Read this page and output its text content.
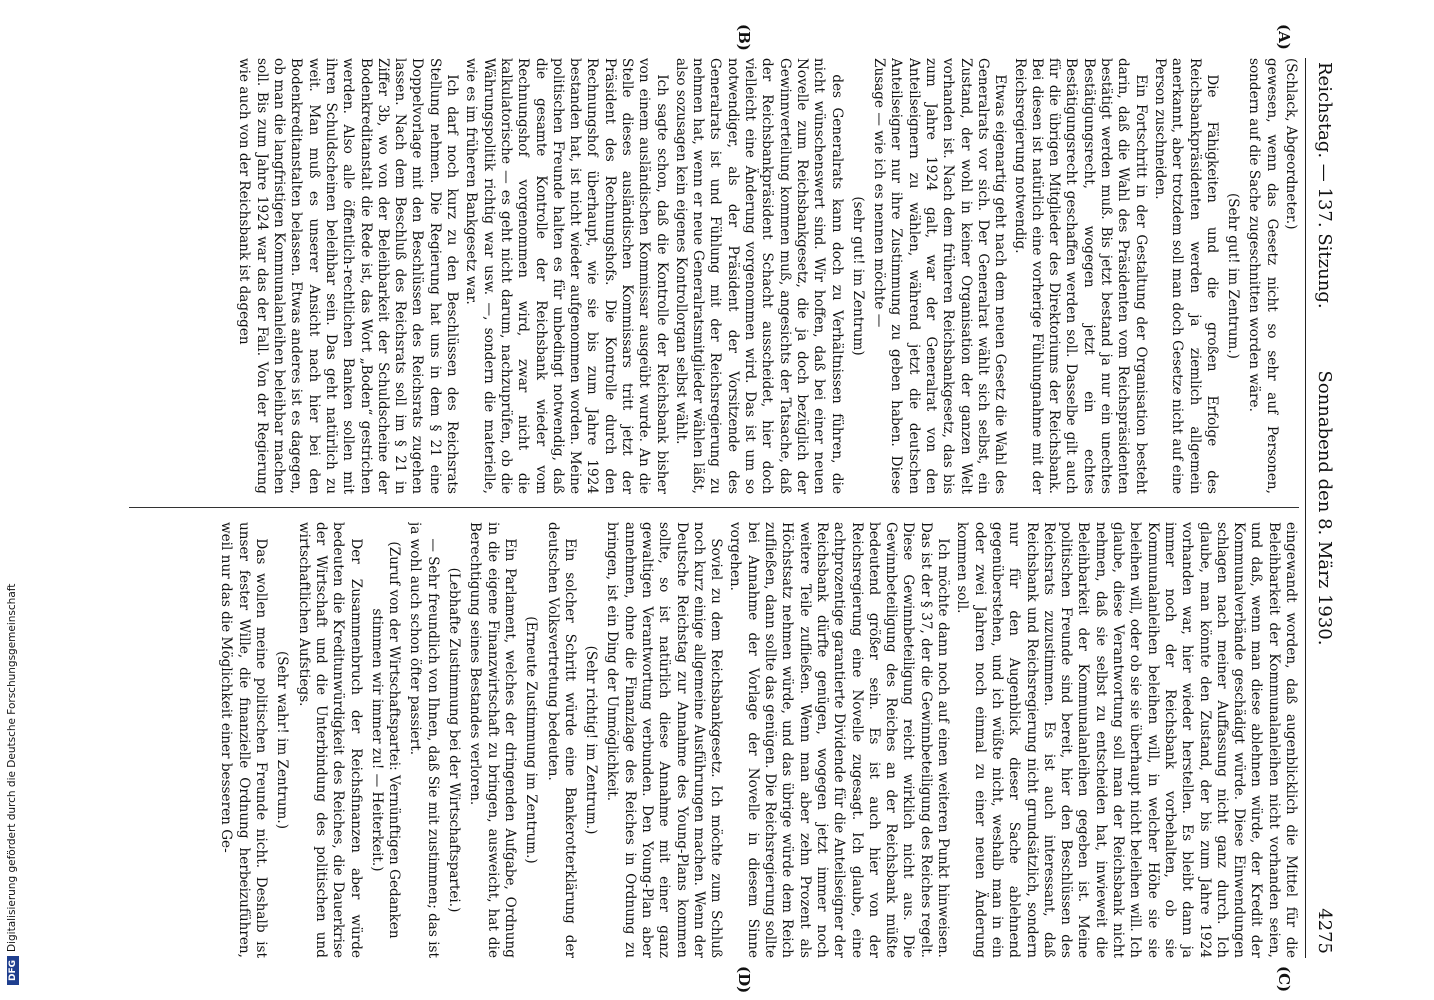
Reichstag. — 137. Sitzung.
Sonnabend den 8. März 1930.
4275
(A)
(B)
(C)
(D)

(Schlack, Abgeordneter.)

gewesen, wenn das Gesetz nicht so sehr auf Personen, sondern auf die Sache zugeschnitten worden wäre.

(Sehr gut! im Zentrum.)

Die Fähigkeiten und die großen Erfolge des Reichsbankpräsidenten werden ja ziemlich allgemein anerkannt, aber trotzdem soll man doch Gesetze nicht auf eine Person zuschneiden.

Ein Fortschritt in der Gestaltung der Organisation besteht darin, daß die Wahl des Präsidenten vom Reichspräsidenten bestätigt werden muß. Bis jetzt bestand ja nur ein unechtes Bestätigungsrecht, wogegen jetzt ein echtes Bestätigungsrecht geschaffen werden soll. Dasselbe gilt auch für die übrigen Mitglieder des Direktoriums der Reichsbank. Bei diesen ist natürlich eine vorherige Fühlungnahme mit der Reichsregierung notwendig.

Etwas eigenartig geht nach dem neuen Gesetz die Wahl des Generalrats vor sich. Der Generalrat wählt sich selbst, ein Zustand, der wohl in keiner Organisation der ganzen Welt vorhanden ist. Nach dem früheren Reichsbankgesetz, das bis zum Jahre 1924 galt, war der Generalrat von den Anteilseignern zu wählen, während jetzt die deutschen Anteilseigner nur ihre Zustimmung zu geben haben. Diese Zusage — wie ich es nennen möchte —

(sehr gut! im Zentrum)

des Generalrats kann doch zu Verhältnissen führen, die nicht wünschenswert sind. Wir hoffen, daß bei einer neuen Novelle zum Reichsbankgesetz, die ja doch bezüglich der Gewinnverteilung kommen muß, angesichts der Tatsache, daß der Reichsbankpräsident Schacht ausscheidet, hier doch vielleicht eine Änderung vorgenommen wird. Das ist um so notwendiger, als der Präsident der Vorsitzende des Generalrats ist und Fühlung mit der Reichsregierung zu nehmen hat, wenn er neue Generalratsmitglieder wählen läßt, also sozusagen kein eigenes Kontrollorgan selbst wählt.

Ich sagte schon, daß die Kontrolle der Reichsbank bisher von einem ausländischen Kommissar ausgeübt wurde. An die Stelle dieses ausländischen Kommissars tritt jetzt der Präsident des Rechnungshofs. Die Kontrolle durch den Rechnungshof überhaupt, wie sie bis zum Jahre 1924 bestanden hat, ist nicht wieder aufgenommen worden. Meine politischen Freunde halten es für unbedingt notwendig, daß die gesamte Kontrolle der Reichsbank wieder vom Rechnungshof vorgenommen wird, zwar nicht die kalkulatorische — es geht nicht darum, nachzuprüfen, ob die Währungspolitik richtig war usw. —, sondern die materielle, wie es im früheren Bankgesetz war.

Ich darf noch kurz zu den Beschlüssen des Reichsrats Stellung nehmen. Die Regierung hat uns in dem § 21 eine Doppelvorlage mit den Beschlüssen des Reichsrats zugehen lassen. Nach dem Beschluß des Reichsrats soll im § 21 in Ziffer 3b, wo von der Beleihbarkeit der Schuldscheine der Bodenkreditanstalt die Rede ist, das Wort „Boden“ gestrichen werden. Also alle öffentlich-rechtlichen Banken sollen mit ihren Schuldscheinen beleihbar sein. Das geht natürlich zu weit. Man muß es unserer Ansicht nach hier bei den Bodenkreditanstalten belassen. Etwas anderes ist es dagegen, ob man die langfristigen Kommunalanleihen beleihbar machen soll. Bis zum Jahre 1924 war das der Fall. Von der Regierung wie auch von der Reichsbank ist dagegen

eingewandt worden, daß augenblicklich die Mittel für die Beleihbarkeit der Kommunalanleihen nicht vorhanden seien, und daß, wenn man diese ablehnen würde, der Kredit der Kommunalverbände geschädigt würde. Diese Einwendungen schlagen nach meiner Auffassung nicht ganz durch. Ich glaube, man könnte den Zustand, der bis zum Jahre 1924 vorhanden war, hier wieder herstellen. Es bleibt dann ja immer noch der Reichsbank vorbehalten, ob sie Kommunalanleihen beleihen will, in welcher Höhe sie sie beleihen will, oder ob sie sie überhaupt nicht beleihen will. Ich glaube, diese Verantwortung soll man der Reichsbank nicht nehmen, daß sie selbst zu entscheiden hat, inwieweit die Beleihbarkeit der Kommunalanleihen gegeben ist. Meine politischen Freunde sind bereit, hier den Beschlüssen des Reichsrats zuzustimmen. Es ist auch interessant, daß Reichsbank und Reichsregierung nicht grundsätzlich, sondern nur für den Augenblick dieser Sache ablehnend gegenüberstehen, und ich wüßte nicht, weshalb man in ein oder zwei Jahren noch einmal zu einer neuen Änderung kommen soll.

Ich möchte dann noch auf einen weiteren Punkt hinweisen. Das ist der § 37, der die Gewinnbeteiligung des Reiches regelt. Diese Gewinnbeteiligung reicht wirklich nicht aus. Die Gewinnbeteiligung des Reiches an der Reichsbank müßte bedeutend größer sein. Es ist auch hier von der Reichsregierung eine Novelle zugesagt. Ich glaube, eine achtprozentige garantierte Dividende für die Anteilseigner der Reichsbank dürfte genügen, wogegen jetzt immer noch weitere Teile zufließen. Wenn man aber zehn Prozent als Höchstsatz nehmen würde, und das übrige würde dem Reich zufließen, dann sollte das genügen. Die Reichsregierung sollte bei Annahme der Vorlage der Novelle in diesem Sinne vorgehen.

Soviel zu dem Reichsbankgesetz. Ich möchte zum Schluß noch kurz einige allgemeine Ausführungen machen. Wenn der Deutsche Reichstag zur Annahme des Young-Plans kommen sollte, so ist natürlich diese Annahme mit einer ganz gewaltigen Verantwortung verbunden. Den Young-Plan aber annehmen, ohne die Finanzlage des Reiches in Ordnung zu bringen, ist ein Ding der Unmöglichkeit.

(Sehr richtig! im Zentrum.)

Ein solcher Schritt würde eine Bankerotterklärung der deutschen Volksvertretung bedeuten.

(Erneute Zustimmung im Zentrum.)

Ein Parlament, welches der dringenden Aufgabe, Ordnung in die eigene Finanzwirtschaft zu bringen, ausweicht, hat die Berechtigung seines Bestandes verloren.

(Lebhafte Zustimmung bei der Wirtschaftspartei.)

— Sehr freundlich von Ihnen, daß Sie mit zustimmen; das ist ja wohl auch schon öfter passiert.

(Zuruf von der Wirtschaftspartei: Vernünftigen Gedanken stimmen wir immer zu! — Heiterkeit.)

Der Zusammenbruch der Reichsfinanzen aber würde bedeuten die Kreditunwürdigkeit des Reiches, die Dauerkrise der Wirtschaft und die Unterbindung des politischen und wirtschaftlichen Aufstiegs.

(Sehr wahr! im Zentrum.)

Das wollen meine politischen Freunde nicht. Deshalb ist unser fester Wille, die finanzielle Ordnung herbeizuführen, weil nur das die Möglichkeit einer besseren Ge-

DFGDigitalisierung gefördert durch die Deutsche Forschungsgemeinschaft
